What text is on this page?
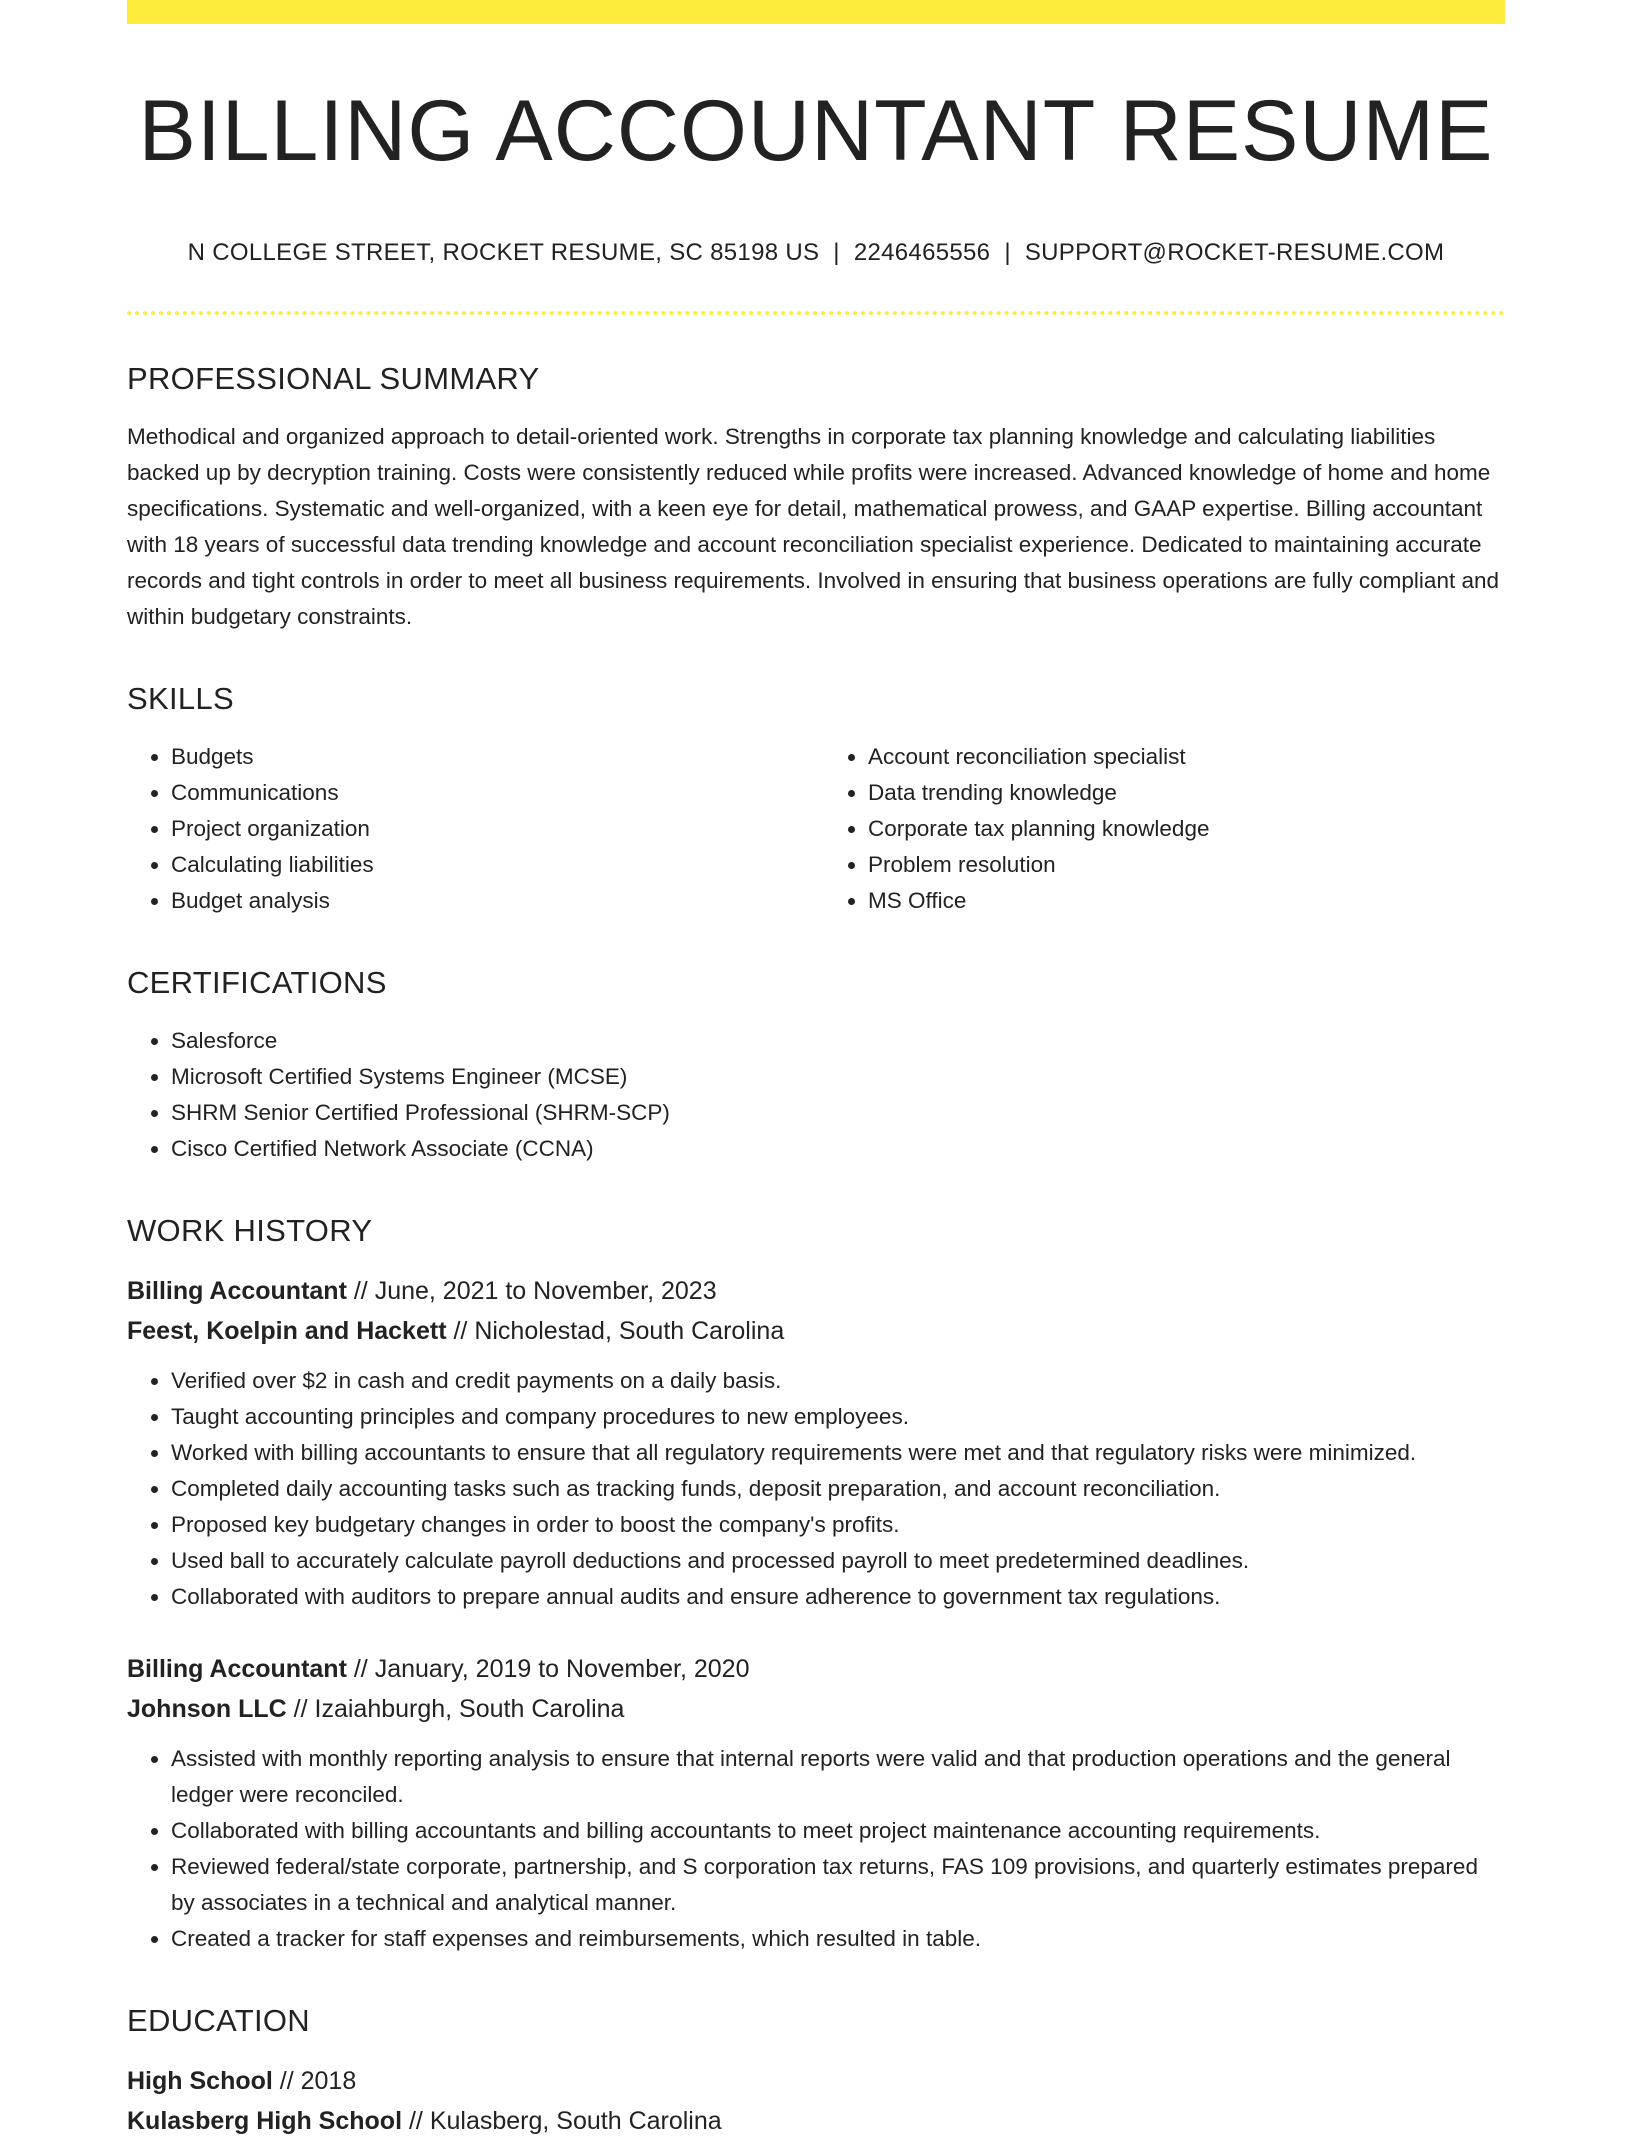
BILLING ACCOUNTANT RESUME
N COLLEGE STREET, ROCKET RESUME, SC 85198 US | 2246465556 | SUPPORT@ROCKET-RESUME.COM
PROFESSIONAL SUMMARY

Methodical and organized approach to detail-oriented work. Strengths in corporate tax planning knowledge and calculating liabilities backed up by decryption training. Costs were consistently reduced while profits were increased. Advanced knowledge of home and home specifications. Systematic and well-organized, with a keen eye for detail, mathematical prowess, and GAAP expertise. Billing accountant with 18 years of successful data trending knowledge and account reconciliation specialist experience. Dedicated to maintaining accurate records and tight controls in order to meet all business requirements. Involved in ensuring that business operations are fully compliant and within budgetary constraints.

SKILLS
• Budgets
• Communications
• Project organization
• Calculating liabilities
• Budget analysis
• Account reconciliation specialist
• Data trending knowledge
• Corporate tax planning knowledge
• Problem resolution
• MS Office
CERTIFICATIONS
• Salesforce
• Microsoft Certified Systems Engineer (MCSE)
• SHRM Senior Certified Professional (SHRM-SCP)
• Cisco Certified Network Associate (CCNA)
WORK HISTORY
Billing Accountant // June, 2021 to November, 2023
Feest, Koelpin and Hackett // Nicholestad, South Carolina
• Verified over $2 in cash and credit payments on a daily basis.
• Taught accounting principles and company procedures to new employees.
• Worked with billing accountants to ensure that all regulatory requirements were met and that regulatory risks were minimized.
• Completed daily accounting tasks such as tracking funds, deposit preparation, and account reconciliation.
• Proposed key budgetary changes in order to boost the company's profits.
• Used ball to accurately calculate payroll deductions and processed payroll to meet predetermined deadlines.
• Collaborated with auditors to prepare annual audits and ensure adherence to government tax regulations.
Billing Accountant // January, 2019 to November, 2020
Johnson LLC // Izaiahburgh, South Carolina
• Assisted with monthly reporting analysis to ensure that internal reports were valid and that production operations and the general ledger were reconciled.
• Collaborated with billing accountants and billing accountants to meet project maintenance accounting requirements.
• Reviewed federal/state corporate, partnership, and S corporation tax returns, FAS 109 provisions, and quarterly estimates prepared by associates in a technical and analytical manner.
• Created a tracker for staff expenses and reimbursements, which resulted in table.
EDUCATION
High School // 2018
Kulasberg High School // Kulasberg, South Carolina
